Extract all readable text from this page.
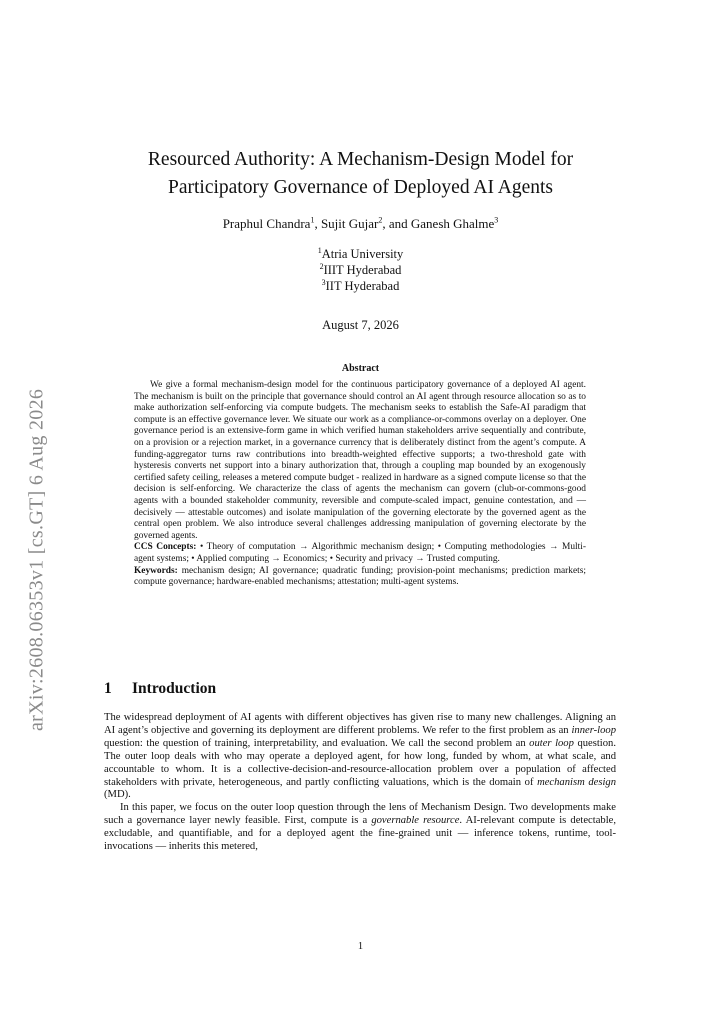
arXiv:2608.06353v1 [cs.GT] 6 Aug 2026
Resourced Authority: A Mechanism-Design Model for
Participatory Governance of Deployed AI Agents
Praphul Chandra$^1$, Sujit Gujar$^2$, and Ganesh Ghalme$^3$
$^1$Atria University
$^2$IIIT Hyderabad
$^3$IIT Hyderabad
August 7, 2026
Abstract

We give a formal mechanism-design model for the continuous participatory governance of a deployed AI agent. The mechanism is built on the principle that governance should control an AI agent through resource allocation so as to make authorization self-enforcing via compute budgets. The mechanism seeks to establish the Safe-AI paradigm that compute is an effective governance lever. We situate our work as a compliance-or-commons overlay on a deployer. One governance period is an extensive-form game in which verified human stakeholders arrive sequentially and contribute, on a provision or a rejection market, in a governance currency that is deliberately distinct from the agent’s compute. A funding-aggregator turns raw contributions into breadth-weighted effective supports; a two-threshold gate with hysteresis converts net support into a binary authorization that, through a coupling map bounded by an exogenously certified safety ceiling, releases a metered compute budget - realized in hardware as a signed compute license so that the decision is self-enforcing. We characterize the class of agents the mechanism can govern (club-or-commons-good agents with a bounded stakeholder community, reversible and compute-scaled impact, genuine contestation, and — decisively — attestable outcomes) and isolate manipulation of the governing electorate by the governed agent as the central open problem. We also introduce several challenges addressing manipulation of governing electorate by the governed agents.

CCS Concepts: • Theory of computation → Algorithmic mechanism design; • Computing methodologies → Multi-agent systems; • Applied computing → Economics; • Security and privacy → Trusted computing.

Keywords: mechanism design; AI governance; quadratic funding; provision-point mechanisms; prediction markets; compute governance; hardware-enabled mechanisms; attestation; multi-agent systems.

1 Introduction

The widespread deployment of AI agents with different objectives has given rise to many new challenges. Aligning an AI agent’s objective and governing its deployment are different problems. We refer to the first problem as an inner-loop question: the question of training, interpretability, and evaluation. We call the second problem an outer loop question. The outer loop deals with who may operate a deployed agent, for how long, funded by whom, at what scale, and accountable to whom. It is a collective-decision-and-resource-allocation problem over a population of affected stakeholders with private, heterogeneous, and partly conflicting valuations, which is the domain of mechanism design (MD).

In this paper, we focus on the outer loop question through the lens of Mechanism Design. Two developments make such a governance layer newly feasible. First, compute is a governable resource. AI-relevant compute is detectable, excludable, and quantifiable, and for a deployed agent the fine-grained unit — inference tokens, runtime, tool-invocations — inherits this metered,

1
